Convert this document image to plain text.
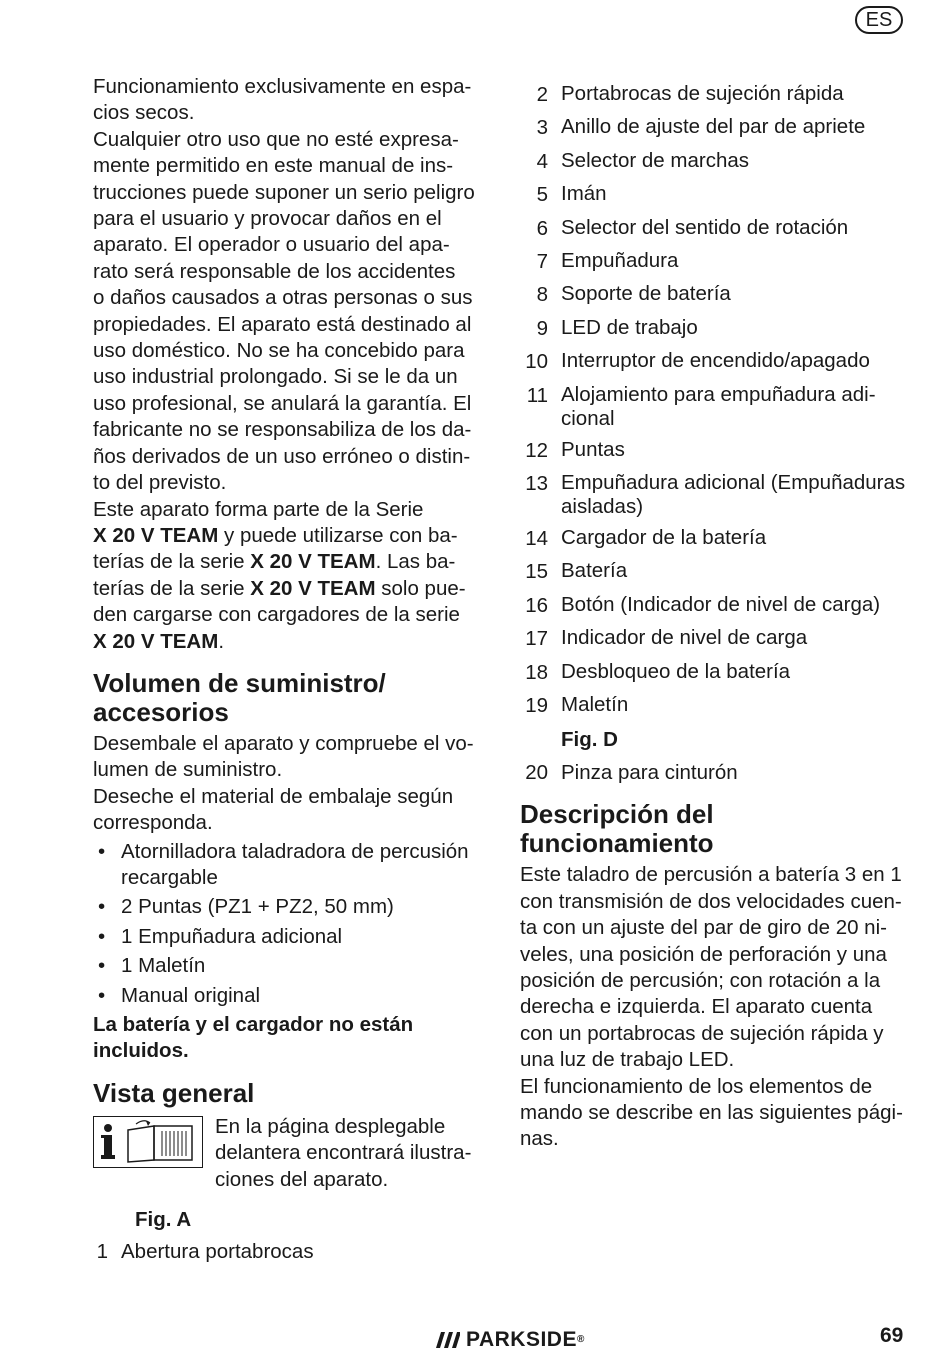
ES

Funcionamiento exclusivamente en espa-
cios secos.

Cualquier otro uso que no esté expresa-
mente permitido en este manual de ins-
trucciones puede suponer un serio peligro
para el usuario y provocar daños en el
aparato. El operador o usuario del apa-
rato será responsable de los accidentes
o daños causados a otras personas o sus
propiedades. El aparato está destinado al
uso doméstico. No se ha concebido para
uso industrial prolongado. Si se le da un
uso profesional, se anulará la garantía. El
fabricante no se responsabiliza de los da-
ños derivados de un uso erróneo o distin-
to del previsto.

Este aparato forma parte de la Serie
X 20 V TEAM y puede utilizarse con ba-
terías de la serie X 20 V TEAM. Las ba-
terías de la serie X 20 V TEAM solo pue-
den cargarse con cargadores de la serie
X 20 V TEAM.

Volumen de suministro/
accesorios

Desembale el aparato y compruebe el vo-
lumen de suministro.

Deseche el material de embalaje según
corresponda.

• Atornilladora taladradora de percusión
recargable
• 2 Puntas (PZ1 + PZ2, 50 mm)
• 1 Empuñadura adicional
• 1 Maletín
• Manual original

La batería y el cargador no están
incluidos.

Vista general

En la página desplegable
delantera encontrará ilustra-
ciones del aparato.

Fig. A

1 Abertura portabrocas
2 Portabrocas de sujeción rápida
3 Anillo de ajuste del par de apriete
4 Selector de marchas
5 Imán
6 Selector del sentido de rotación
7 Empuñadura
8 Soporte de batería
9 LED de trabajo
10 Interruptor de encendido/apagado
11 Alojamiento para empuñadura adi-
cional
12 Puntas
13 Empuñadura adicional (Empuñaduras
aisladas)
14 Cargador de la batería
15 Batería
16 Botón (Indicador de nivel de carga)
17 Indicador de nivel de carga
18 Desbloqueo de la batería
19 Maletín

Fig. D

20 Pinza para cinturón
Descripción del
funcionamiento

Este taladro de percusión a batería 3 en 1
con transmisión de dos velocidades cuen-
ta con un ajuste del par de giro de 20 ni-
veles, una posición de perforación y una
posición de percusión; con rotación a la
derecha e izquierda. El aparato cuenta
con un portabrocas de sujeción rápida y
una luz de trabajo LED.

El funcionamiento de los elementos de
mando se describe en las siguientes pági-
nas.

PARKSIDE ®	69
